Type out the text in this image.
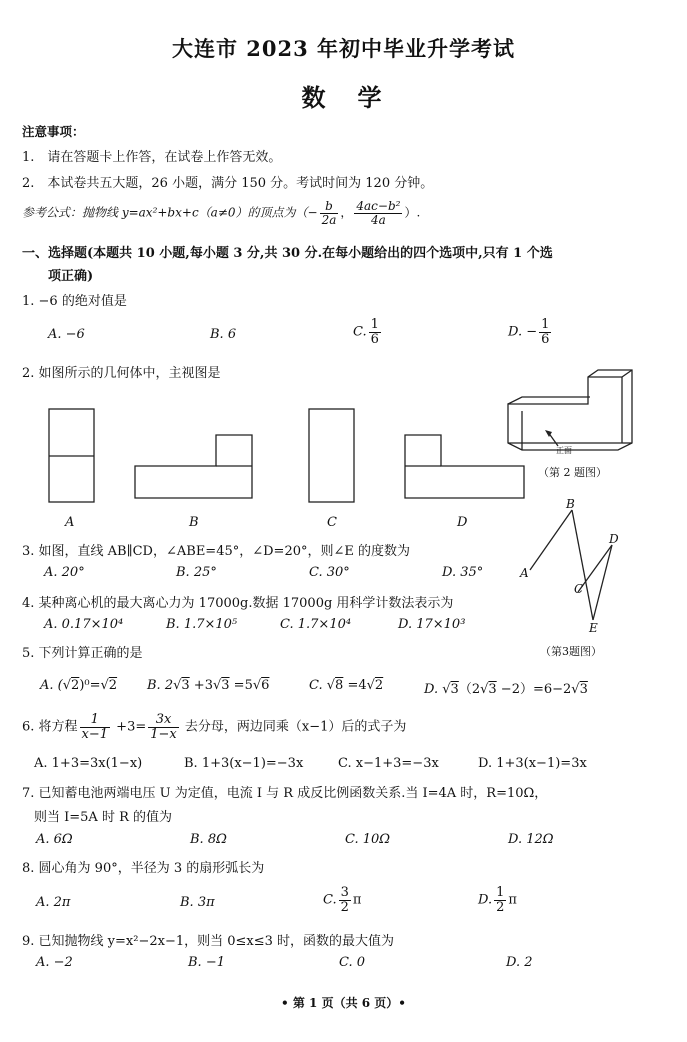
大连市 2023 年初中毕业升学考试
数　学
注意事项：
1.　请在答题卡上作答，在试卷上作答无效。
2.　本试卷共五大题，26 小题，满分 150 分。考试时间为 120 分钟。
参考公式：抛物线 y=ax²+bx+c（a≠0）的顶点为（− $\frac{b}{2a}$ ， $\frac{\text{4ac−b²}}{4a}$ ）.
一、选择题(本题共 10 小题,每小题 3 分,共 30 分.在每小题给出的四个选项中,只有 1 个选
项正确)
1. −6 的绝对值是
A. −6	B. 6	C. $\frac{1}{6}$	D. − $\frac{1}{6}$
2. 如图所示的几何体中，主视图是
正面
（第 2 题图）
A	B	C	D
3. 如图，直线 AB∥CD，∠ABE=45°，∠D=20°，则∠E 的度数为
A. 20°	B. 25°	C. 30°	D. 35°	A
B
C
D
E
（第3题图）
4. 某种离心机的最大离心力为 17000g.数据 17000g 用科学计数法表示为
A. 0.17×10⁴	B. 1.7×10⁵	C. 1.7×10⁴	D. 17×10³
5. 下列计算正确的是
A. (√2)⁰=√2 B. 2√3 +3√3 =5√6	C. √8 =4√2	D. √3（2√3 −2）=6−2√3
6. 将方程 $\frac{1}{x-1} +3= \frac{3x}{1-x}$ 去分母，两边同乘（x−1）后的式子为
A. 1+3=3x(1−x)	B. 1+3(x−1)=−3x	C. x−1+3=−3x	D. 1+3(x−1)=3x
7. 已知蓄电池两端电压 U 为定值，电流 I 与 R 成反比例函数关系.当 I=4A 时，R=10Ω，
则当 I=5A 时 R 的值为
A. 6Ω	B. 8Ω	C. 10Ω	D. 12Ω
8. 圆心角为 90°，半径为 3 的扇形弧长为
A. 2π	B. 3π	C. $\frac{3}{2}$ π	D. $\frac{1}{2}$ π
9. 已知抛物线 y=x²−2x−1，则当 0≤x≤3 时，函数的最大值为
A. −2	B. −1	C. 0	D. 2
• 第 1 页（共 6 页）•
